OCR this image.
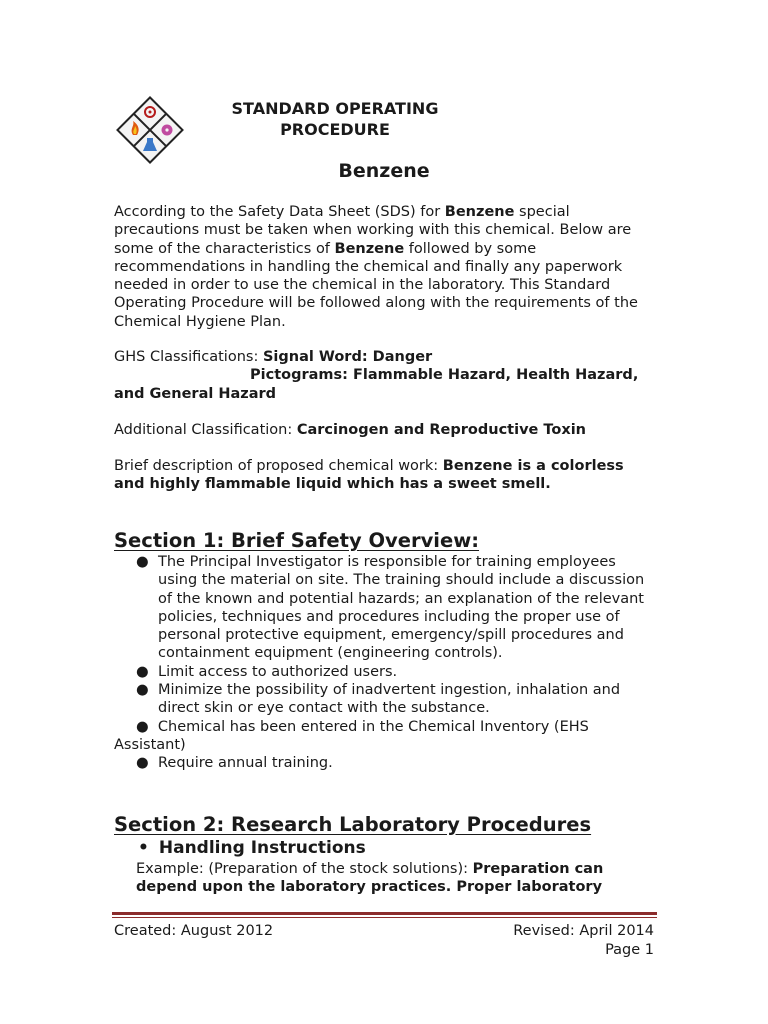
STANDARD OPERATING
PROCEDURE
Benzene
According to the Safety Data Sheet (SDS) for Benzene special precautions must be taken when working with this chemical. Below are some of the characteristics of Benzene followed by some recommendations in handling the chemical and finally any paperwork needed in order to use the chemical in the laboratory. This Standard Operating Procedure will be followed along with the requirements of the Chemical Hygiene Plan.
GHS Classifications: Signal Word: Danger
Pictograms: Flammable Hazard, Health Hazard,
and General Hazard
Additional Classification: Carcinogen and Reproductive Toxin
Brief description of proposed chemical work: Benzene is a colorless and highly flammable liquid which has a sweet smell.
Section 1: Brief Safety Overview:
● The Principal Investigator is responsible for training employees using the material on site. The training should include a discussion of the known and potential hazards; an explanation of the relevant policies, techniques and procedures including the proper use of personal protective equipment, emergency/spill procedures and containment equipment (engineering controls).
● Limit access to authorized users.
● Minimize the possibility of inadvertent ingestion, inhalation and direct skin or eye contact with the substance.
● Chemical has been entered in the Chemical Inventory (EHS Assistant)
● Require annual training.
Section 2: Research Laboratory Procedures
• Handling Instructions
Example: (Preparation of the stock solutions): Preparation can depend upon the laboratory practices. Proper laboratory
Created: August 2012	Revised: April 2014
Page 1
